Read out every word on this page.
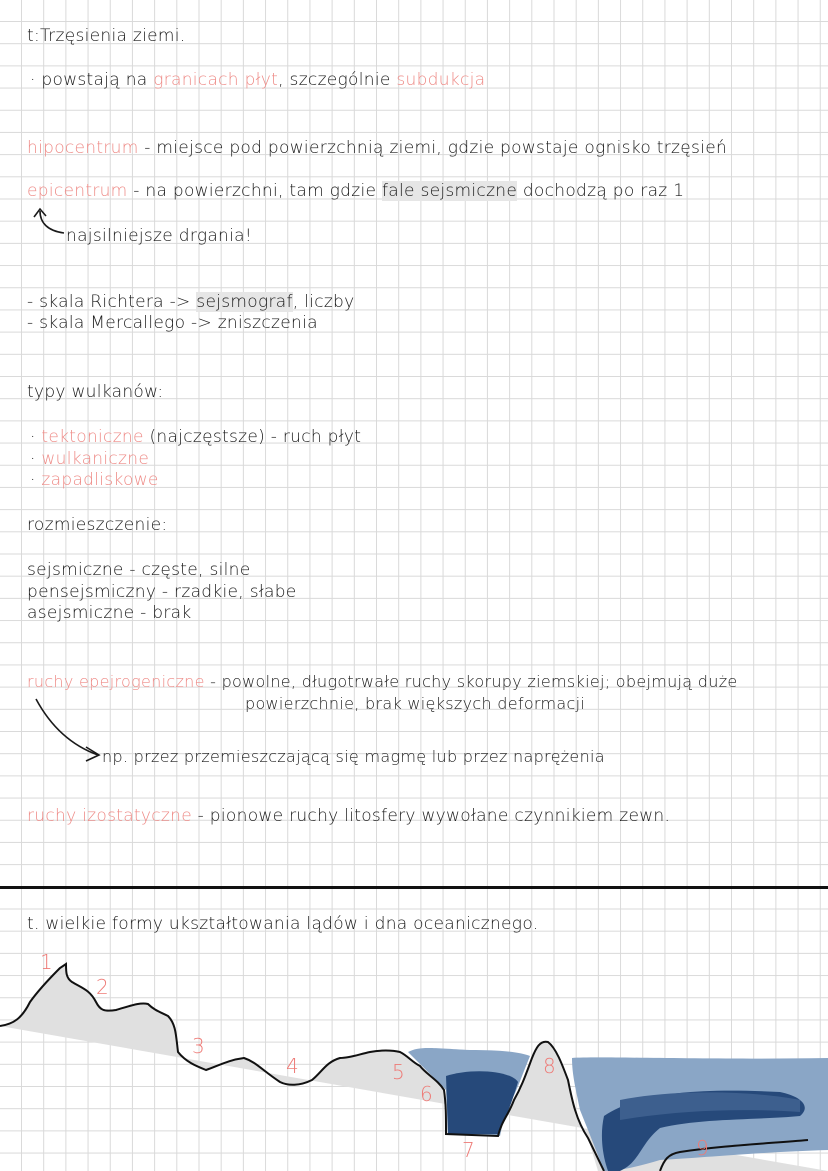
t:Trzęsienia ziemi.
· powstają na granicach płyt, szczególnie subdukcja
hipocentrum - miejsce pod powierzchnią ziemi, gdzie powstaje ognisko trzęsień
epicentrum - na powierzchni, tam gdzie fale sejsmiczne dochodzą po raz 1
najsilniejsze drgania!
- skala Richtera -> sejsmograf, liczby
- skala Mercallego -> zniszczenia
typy wulkanów:
· tektoniczne (najczęstsze) - ruch płyt
· wulkaniczne
· zapadliskowe
rozmieszczenie:
sejsmiczne - częste, silne
pensejsmiczny - rzadkie, słabe
asejsmiczne - brak
ruchy epejrogeniczne - powolne, długotrwałe ruchy skorupy ziemskiej; obejmują duże
powierzchnie, brak większych deformacji
np. przez przemieszczającą się magmę lub przez naprężenia
ruchy izostatyczne - pionowe ruchy litosfery wywołane czynnikiem zewn.
t. wielkie formy ukształtowania lądów i dna oceanicznego.
1
2
3
4	5
6
7
8
9
